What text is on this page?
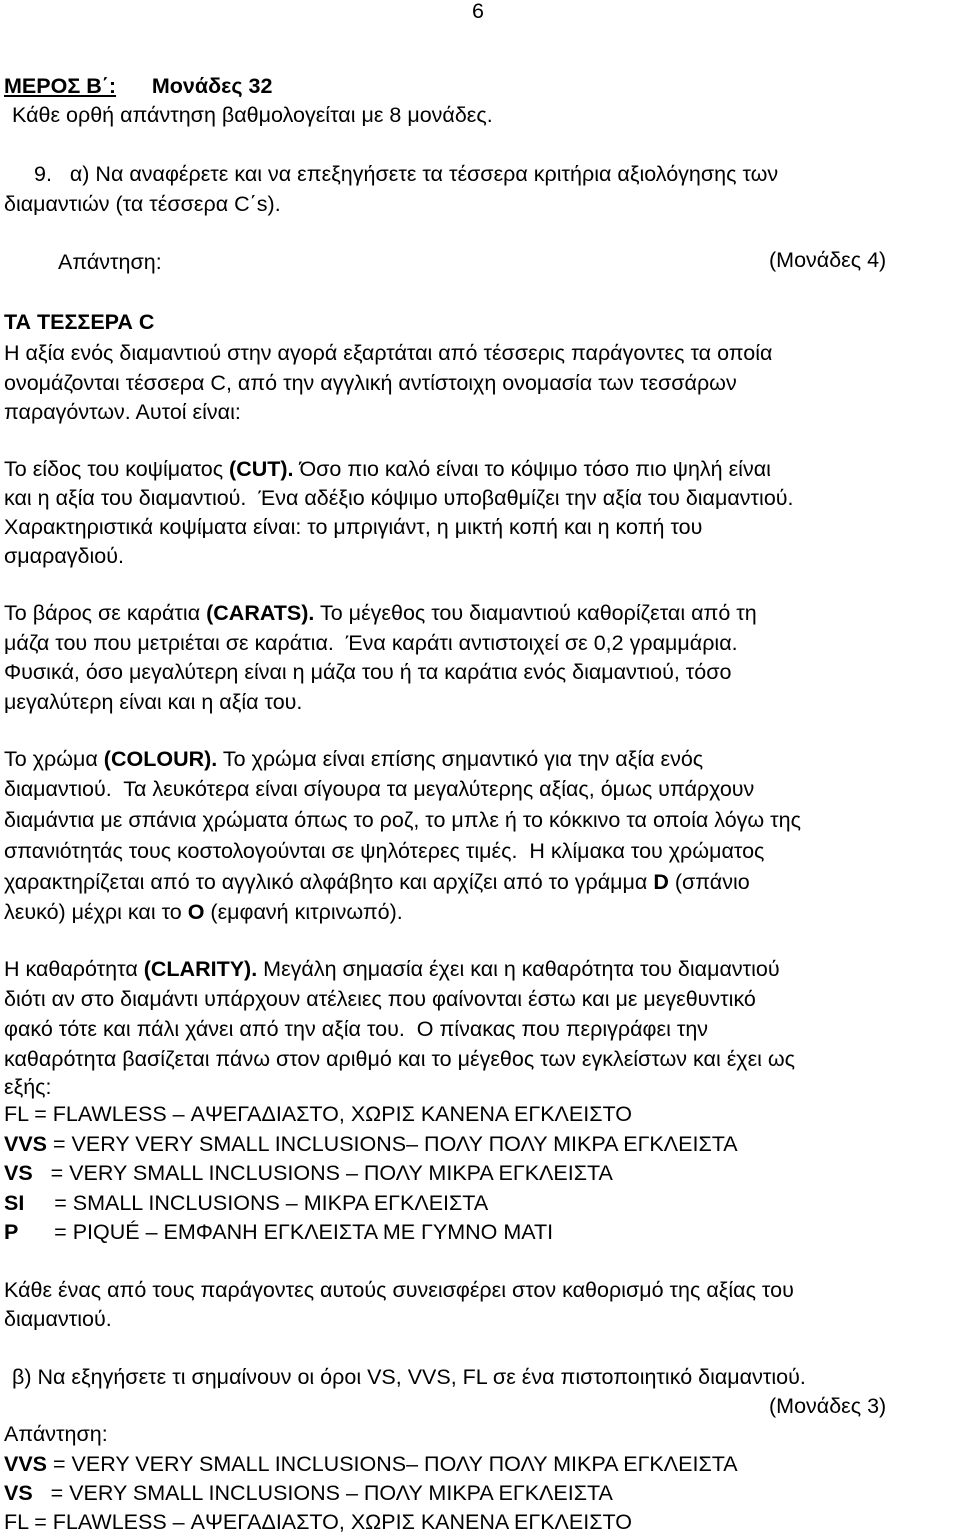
6
ΜΕΡΟΣ Β΄: Μονάδες 32
Κάθε ορθή απάντηση βαθμολογείται με 8 μονάδες.
9. α) Να αναφέρετε και να επεξηγήσετε τα τέσσερα κριτήρια αξιολόγησης των
διαμαντιών (τα τέσσερα C΄s).
(Μονάδες 4)
Απάντηση:
ΤΑ ΤΕΣΣΕΡΑ C
Η αξία ενός διαμαντιού στην αγορά εξαρτάται από τέσσερις παράγοντες τα οποία
ονομάζονται τέσσερα C, από την αγγλική αντίστοιχη ονομασία των τεσσάρων
παραγόντων. Αυτοί είναι:
Το είδος του κοψίματος (CUT). Όσο πιο καλό είναι το κόψιμο τόσο πιο ψηλή είναι
και η αξία του διαμαντιού.  Ένα αδέξιο κόψιμο υποβαθμίζει την αξία του διαμαντιού.
Χαρακτηριστικά κοψίματα είναι: το μπριγιάντ, η μικτή κοπή και η κοπή του
σμαραγδιού.
Το βάρος σε καράτια (CARATS). Το μέγεθος του διαμαντιού καθορίζεται από τη
μάζα του που μετριέται σε καράτια.  Ένα καράτι αντιστοιχεί σε 0,2 γραμμάρια.
Φυσικά, όσο μεγαλύτερη είναι η μάζα του ή τα καράτια ενός διαμαντιού, τόσο
μεγαλύτερη είναι και η αξία του.
Το χρώμα (COLOUR). Το χρώμα είναι επίσης σημαντικό για την αξία ενός
διαμαντιού.  Τα λευκότερα είναι σίγουρα τα μεγαλύτερης αξίας, όμως υπάρχουν
διαμάντια με σπάνια χρώματα όπως το ροζ, το μπλε ή το κόκκινο τα οποία λόγω της
σπανιότητάς τους κοστολογούνται σε ψηλότερες τιμές.  Η κλίμακα του χρώματος
χαρακτηρίζεται από το αγγλικό αλφάβητο και αρχίζει από το γράμμα D (σπάνιο
λευκό) μέχρι και το O (εμφανή κιτρινωπό).
Η καθαρότητα (CLARITY). Μεγάλη σημασία έχει και η καθαρότητα του διαμαντιού
διότι αν στο διαμάντι υπάρχουν ατέλειες που φαίνονται έστω και με μεγεθυντικό
φακό τότε και πάλι χάνει από την αξία του.  Ο πίνακας που περιγράφει την
καθαρότητα βασίζεται πάνω στον αριθμό και το μέγεθος των εγκλείστων και έχει ως
εξής:
FL = FLAWLESS – ΑΨΕΓΑΔΙΑΣΤΟ, ΧΩΡΙΣ ΚΑΝΕΝΑ ΕΓΚΛΕΙΣΤΟ
VVS = VERY VERY SMALL INCLUSIONS– ΠΟΛΥ ΠΟΛΥ ΜΙΚΡΑ ΕΓΚΛΕΙΣΤΑ
VS   = VERY SMALL INCLUSIONS – ΠΟΛΥ ΜΙΚΡΑ ΕΓΚΛΕΙΣΤΑ
SI     = SMALL INCLUSIONS – ΜΙΚΡΑ ΕΓΚΛΕΙΣΤΑ
P      = PIQUÉ – ΕΜΦΑΝΗ ΕΓΚΛΕΙΣΤΑ ΜΕ ΓΥΜΝΟ ΜΑΤΙ
Κάθε ένας από τους παράγοντες αυτούς συνεισφέρει στον καθορισμό της αξίας του
διαμαντιού.
β) Να εξηγήσετε τι σημαίνουν οι όροι VS, VVS, FL σε ένα πιστοποιητικό διαμαντιού.
(Μονάδες 3)
Απάντηση:
VVS = VERY VERY SMALL INCLUSIONS– ΠΟΛΥ ΠΟΛΥ ΜΙΚΡΑ ΕΓΚΛΕΙΣΤΑ
VS   = VERY SMALL INCLUSIONS – ΠΟΛΥ ΜΙΚΡΑ ΕΓΚΛΕΙΣΤΑ
FL = FLAWLESS – ΑΨΕΓΑΔΙΑΣΤΟ, ΧΩΡΙΣ ΚΑΝΕΝΑ ΕΓΚΛΕΙΣΤΟ
